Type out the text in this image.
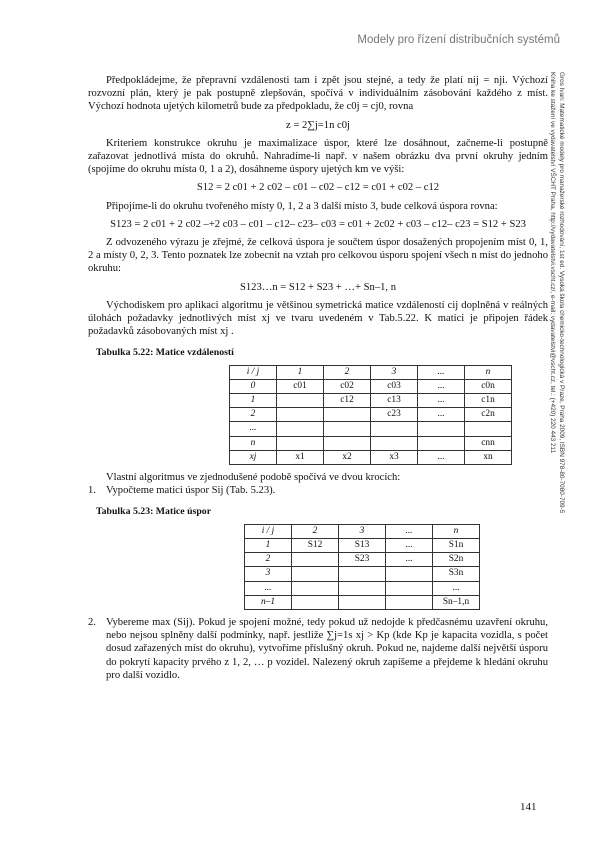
Modely pro řízení distribučních systémů
Gros Ivan: Matematické modely pro manažerské rozhodování, 1st ed. Vysoká škola chemicko-technologická v Praze, Praha 2009, ISBN 978-80-7080-709-5
Kniha ke stažení ve vydavatelství VŠCHT Praha, http://vydavatelstvi.vscht.cz/, e-mail: vydavatelstvi@vscht.cz, tel.: (+420) 220 443 211

Předpokládejme, že přepravní vzdálenosti tam i zpět jsou stejné, a tedy že platí nij = nji. Výchozí rozvozní plán, který je pak postupně zlepšován, spočívá v individuálním zásobování každého z míst. Výchozí hodnota ujetých kilometrů bude za předpokladu, že c0j = cj0, rovna

z = 2∑j=1n c0j

Kriteriem konstrukce okruhu je maximalizace úspor, které lze dosáhnout, začneme-li postupně zařazovat jednotlivá místa do okruhů. Nahradíme-li např. v našem obrázku dva první okruhy jedním (spojíme do okruhu místa 0, 1 a 2), dosáhneme úspory ujetých km ve výši:

S12 = 2 c01 + 2 c02 – c01 – c02 – c12 = c01 + c02 – c12

Připojíme-li do okruhu tvořeného místy 0, 1, 2 a 3 další místo 3, bude celková úspora rovna:

S123 = 2 c01 + 2 c02 –+2 c03 – c01 – c12– c23– c03 = c01 + 2c02 + c03 – c12– c23 = S12 + S23

Z odvozeného výrazu je zřejmé, že celková úspora je součtem úspor dosažených propojením míst 0, 1, 2 a místy 0, 2, 3. Tento poznatek lze zobecnit na vztah pro celkovou úsporu spojení všech n míst do jednoho okruhu:

S123…n = S12 + S23 + …+ Sn–1, n

Východiskem pro aplikaci algoritmu je většinou symetrická matice vzdáleností cij doplněná v reálných úlohách požadavky jednotlivých míst xj ve tvaru uvedeném v Tab.5.22. K matici je připojen řádek požadavků zásobovaných míst xj .

Tabulka 5.22: Matice vzdáleností
i / j	1	2	3	...	n
0	c01	c02	c03	...	c0n
1		c12	c13	...	c1n
2			c23	...	c2n
...					
n					cnn
xj	x1	x2	x3	...	xn

Vlastní algoritmus ve zjednodušené podobě spočívá ve dvou krocích:

1. Vypočteme matici úspor Sij (Tab. 5.23).
Tabulka 5.23: Matice úspor
i / j	2	3	...	n
1	S12	S13	...	S1n
2		S23	...	S2n
3				S3n
...				...
n–1				Sn–1,n
2. Vybereme max (Sij). Pokud je spojení možné, tedy pokud už nedojde k předčasnému uzavření okruhu, nebo nejsou splněny další podmínky, např. jestliže ∑j=1s xj > Kp (kde Kp je kapacita vozidla, s počet dosud zařazených míst do okruhu), vytvoříme příslušný okruh. Pokud ne, najdeme další největší úsporu do pokrytí kapacity prvého z 1, 2, … p vozidel. Nalezený okruh zapíšeme a přejdeme k hledání okruhu pro další vozidlo.

141
